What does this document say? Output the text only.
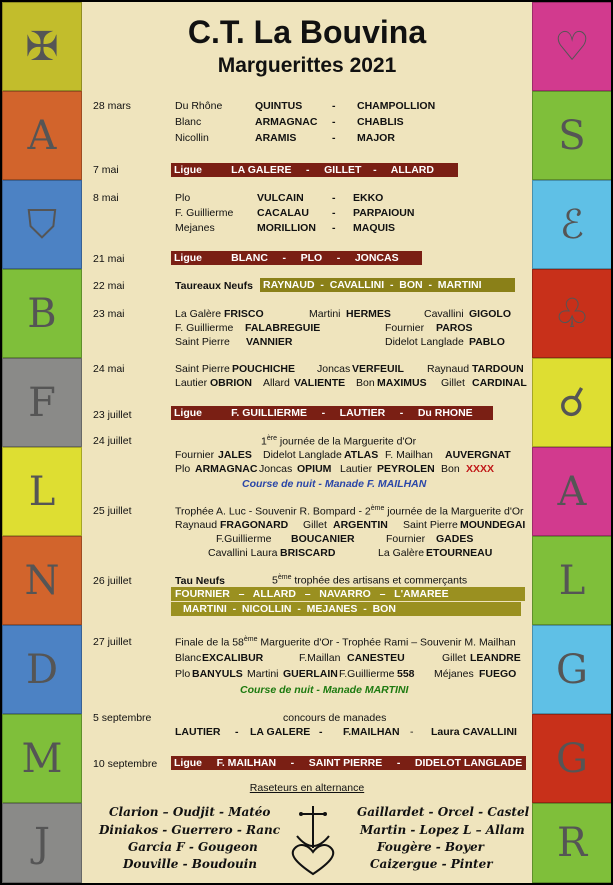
✠
A
⛉
B
F
L
N
D
M
J
♡
S
ℰ
♧
☌
A
L
G
G
R
C.T. La Bouvina
Marguerittes 2021
28 mars	Du Rhône	QUINTUS	- CHAMPOLLION
Blanc	ARMAGNAC - CHABLIS
Nicollin	ARAMIS	- MAJOR
7 mai	Ligue          LA GALERE     -     GILLET    -     ALLARD
8 mai	Plo	VULCAIN	- EKKO
F. Guillierme CACALAU - PARPAIOUN
Mejanes	MORILLION - MAQUIS
21 mai	Ligue          BLANC     -     PLO     -     JONCAS
22 mai	Taureaux Neufs RAYNAUD  -  CAVALLINI  -  BON  -  MARTINI
23 mai	La Galère FRISCO	Martini HERMES	Cavallini GIGOLO
F. Guillierme FALABREGUIE	Fournier PAROS
Saint Pierre VANNIER	Didelot Langlade PABLO
24 mai	Saint Pierre POUCHICHE Joncas VERFEUIL Raynaud TARDOUN
Lautier OBRION Allard VALIENTE Bon MAXIMUS Gillet CARDINAL
23 juillet	Ligue          F. GUILLIERME     -     LAUTIER     -     Du RHONE
24 juillet	1ère journée de la Marguerite d'Or
Fournier JALES Didelot Langlade ATLAS F. Mailhan AUVERGNAT
Plo ARMAGNAC Joncas OPIUM Lautier PEYROLEN Bon XXXX
Course de nuit - Manade F. MAILHAN
25 juillet	Trophée A. Luc - Souvenir R. Bompard - 2ème journée de la Marguerite d'Or
Raynaud FRAGONARD Gillet ARGENTIN Saint Pierre MOUNDEGAI
F.Guillierme BOUCANIER	Fournier GADES
Cavallini Laura BRISCARD	La Galère ETOURNEAU
26 juillet	Tau Neufs	5ème trophée des artisans et commerçants
FOURNIER   –   ALLARD   –   NAVARRO   –   L'AMAREE
MARTINI  -  NICOLLIN  -  MEJANES  -  BON
27 juillet	Finale de la 58ème Marguerite d'Or - Trophée Rami – Souvenir M. Mailhan
Blanc EXCALIBUR	F.Maillan CANESTEU	Gillet LEANDRE
Plo BANYULS Martini GUERLAIN F.Guillierme 558 Méjanes FUEGO
Course de nuit - Manade MARTINI
5 septembre	concours de manades
LAUTIER - LA GALERE - F.MAILHAN - Laura CAVALLINI
10 septembre Ligue     F. MAILHAN     -     SAINT PIERRE     -     DIDELOT LANGLADE
Raseteurs en alternance
Clarion – Oudjit - Matéo
Diniakos - Guerrero - Ranc
Garcia F - Gougeon
Douville - Boudouin
Gaillardet - Orcel - Castel
Martin - Lopez L – Allam
Fougère - Boyer
Caizergue - Pinter
